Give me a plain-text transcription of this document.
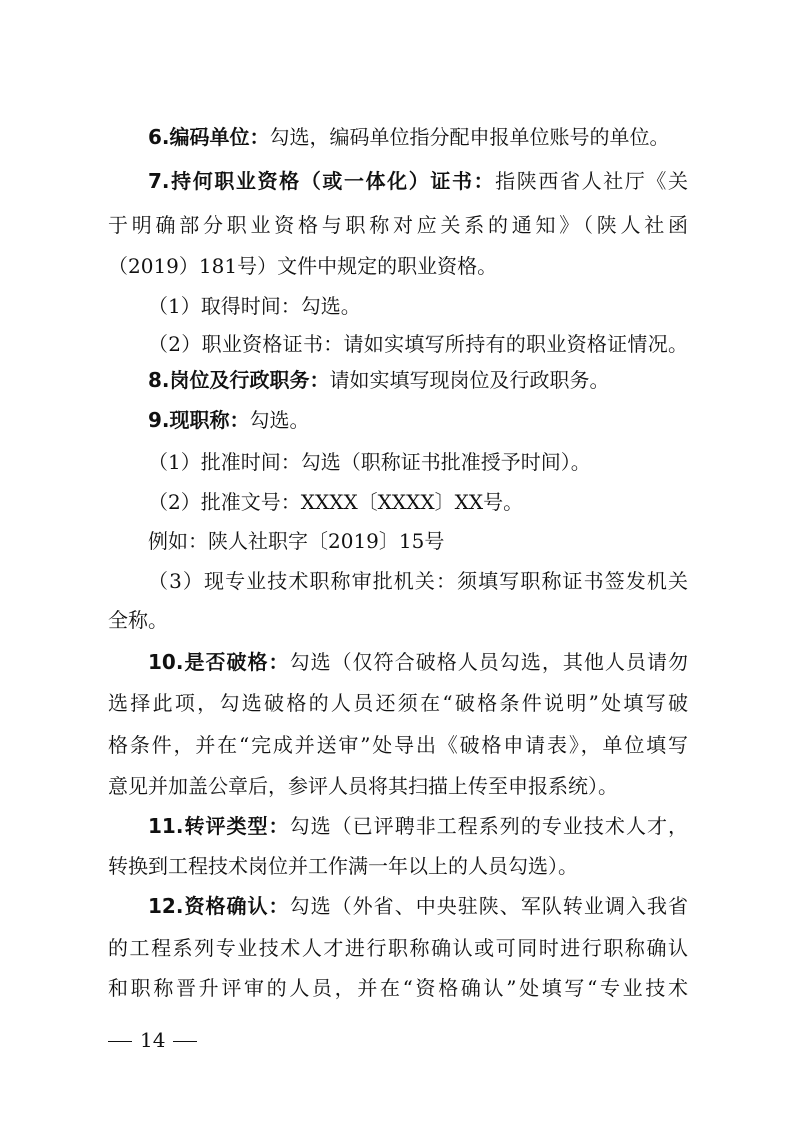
6.编码单位：勾选，编码单位指分配申报单位账号的单位。
7.持何职业资格（或一体化）证书：指陕西省人社厅《关
于明确部分职业资格与职称对应关系的通知》（陕人社函
（2019）181号）文件中规定的职业资格。
（1）取得时间：勾选。
（2）职业资格证书：请如实填写所持有的职业资格证情况。
8.岗位及行政职务：请如实填写现岗位及行政职务。
9.现职称：勾选。
（1）批准时间：勾选（职称证书批准授予时间）。
（2）批准文号：XXXX〔XXXX〕XX号。
例如：陕人社职字〔2019〕15号
（3）现专业技术职称审批机关：须填写职称证书签发机关
全称。
10.是否破格：勾选（仅符合破格人员勾选，其他人员请勿
选择此项，勾选破格的人员还须在“破格条件说明”处填写破
格条件，并在“完成并送审”处导出《破格申请表》，单位填写
意见并加盖公章后，参评人员将其扫描上传至申报系统）。
11.转评类型：勾选（已评聘非工程系列的专业技术人才，
转换到工程技术岗位并工作满一年以上的人员勾选）。
12.资格确认：勾选（外省、中央驻陕、军队转业调入我省
的工程系列专业技术人才进行职称确认或可同时进行职称确认
和职称晋升评审的人员，并在“资格确认”处填写“专业技术
14
